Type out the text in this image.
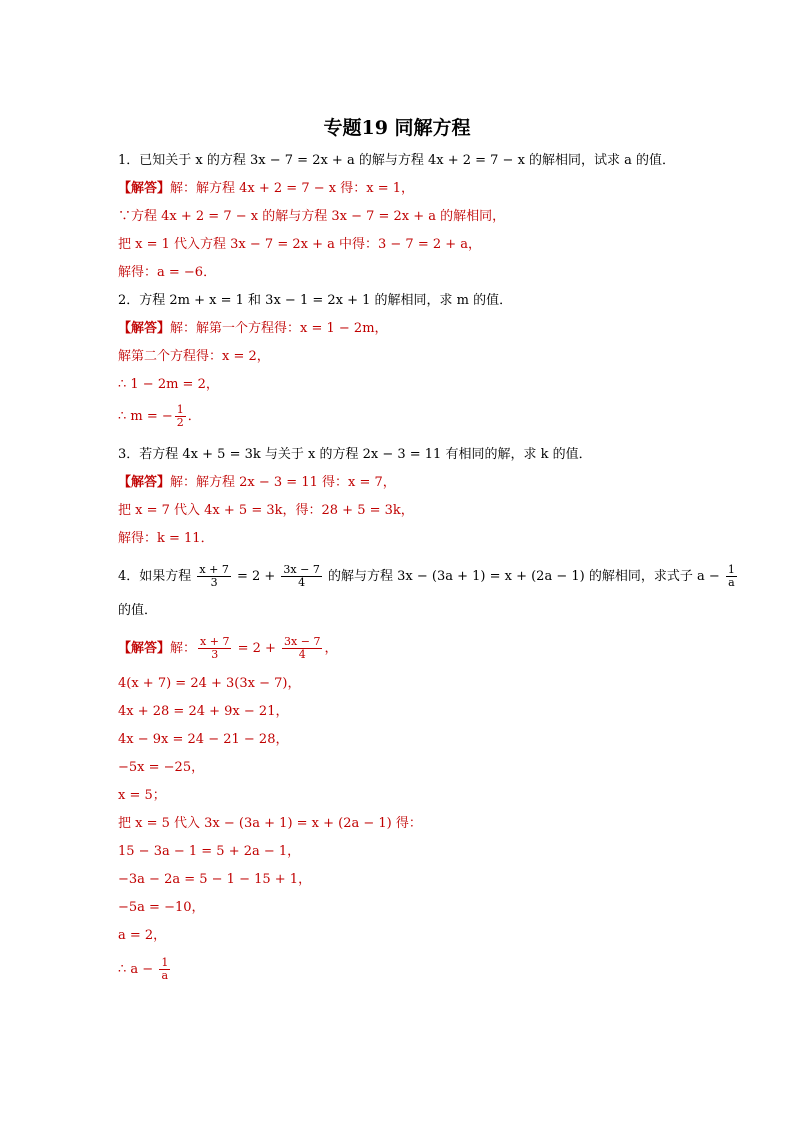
专题19 同解方程
1．已知关于 x 的方程 3x − 7 = 2x + a 的解与方程 4x + 2 = 7 − x 的解相同，试求 a 的值．
【解答】解：解方程 4x + 2 = 7 − x 得：x = 1，
∵方程 4x + 2 = 7 − x 的解与方程 3x − 7 = 2x + a 的解相同，
把 x = 1 代入方程 3x − 7 = 2x + a 中得：3 − 7 = 2 + a，
解得：a = −6．
2．方程 2m + x = 1 和 3x − 1 = 2x + 1 的解相同，求 m 的值．
【解答】解：解第一个方程得：x = 1 − 2m，
解第二个方程得：x = 2，
∴ 1 − 2m = 2，
∴ m = − $\frac{1}{2}$ ．
3．若方程 4x + 5 = 3k 与关于 x 的方程 2x − 3 = 11 有相同的解，求 k 的值．
【解答】解：解方程 2x − 3 = 11 得：x = 7，
把 x = 7 代入 4x + 5 = 3k，得：28 + 5 = 3k，
解得：k = 11．
4．如果方程 $\frac{x + 7}{3} = 2 + \frac{3x - 7}{4}$ 的解与方程 3x − (3a + 1) = x + (2a − 1) 的解相同，求式子 $a - \frac{1}{a}$
的值．
【解答】解： $\frac{x + 7}{3} = 2 + \frac{3x - 7}{4}$ ，
4(x + 7) = 24 + 3(3x − 7)，
4x + 28 = 24 + 9x − 21，
4x − 9x = 24 − 21 − 28，
−5x = −25，
x = 5；
把 x = 5 代入 3x − (3a + 1) = x + (2a − 1) 得：
15 − 3a − 1 = 5 + 2a − 1，
−3a − 2a = 5 − 1 − 15 + 1，
−5a = −10，
a = 2，
∴ $a - \frac{1}{a}$
